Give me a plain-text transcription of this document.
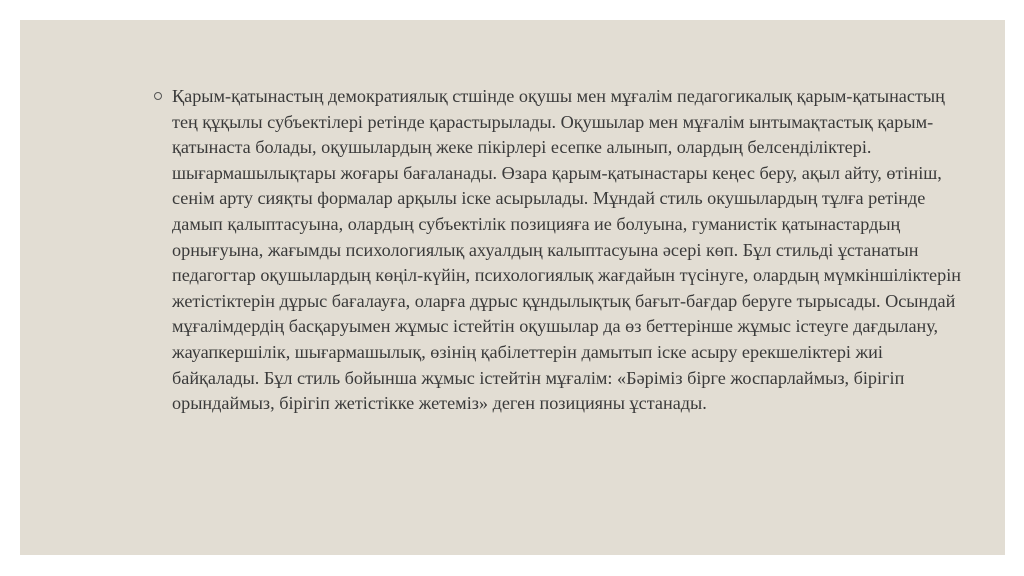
Қарым-қатынастың демократиялық стшінде оқушы мен мұғалім педагогикалық қарым-қатынастың тең құқылы субъектілері ретінде қарастырылады. Оқушылар мен мұғалім ынтымақтастық қарым-қатынаста болады, оқушылардың жеке пікірлері есепке алынып, олардың белсенділіктері. шығармашылықтары жоғары бағаланады. Өзара қарым-қатынастары кеңес беру, ақыл айту, өтініш, сенім арту сияқты формалар арқылы іске асырылады. Мұндай стиль окушылардың тұлға ретінде дамып қалыптасуына, олардың субъектілік позицияға ие болуына, гуманистік қатынастардың орнығуына, жағымды психологиялық ахуалдың калыптасуына әсері көп. Бұл стильді ұстанатын педагогтар оқушылардың көңіл-күйін, психологиялық жағдайын түсінуге, олардың мүмкіншіліктерін жетістіктерін дұрыс бағалауға, оларға дұрыс құндылықтық бағыт-бағдар беруге тырысады. Осындай мұғалімдердің басқаруымен жұмыс істейтін оқушылар да өз беттерінше жұмыс істеуге дағдылану, жауапкершілік, шығармашылық, өзінің қабілеттерін дамытып іске асыру ерекшеліктері жиі байқалады. Бұл стиль бойынша жұмыс істейтін мұғалім: «Бәріміз бірге жоспарлаймыз, бірігіп орындаймыз, бірігіп жетістікке жетеміз» деген позицияны ұстанады.
